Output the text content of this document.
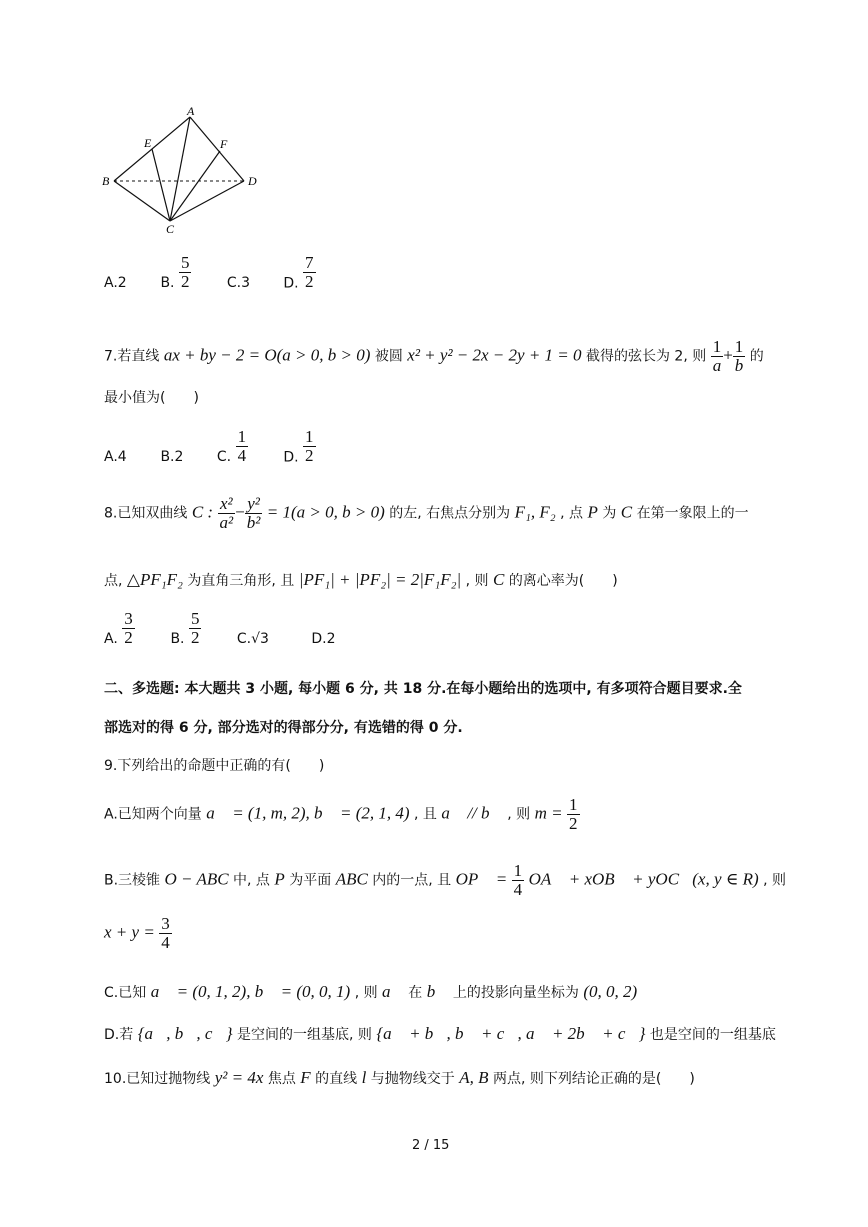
A
E	F
B	D
C
A.2 B. $\frac{5}{2}$	C.3 D. $\frac{7}{2}$
7.若直线 ax + by − 2 = O(a > 0, b > 0) 被圆 x² + y² − 2x − 2y + 1 = 0 截得的弦长为 2, 则 $\frac{1}{a} + \frac{1}{b}$ 的
最小值为(　　)
A.4 B.2 C. $\frac{1}{4}$	D. $\frac{1}{2}$
8.已知双曲线 C : $\frac{\text{x²}}{\text{a²}} - \frac{\text{y²}}{\text{b²}} = 1(a > 0$, b > 0) 的左, 右焦点分别为 F₁, F₂ , 点 P 为 C 在第一象限上的一
点, △PF₁F₂ 为直角三角形, 且 |PF₁| + |PF₂| = 2|F₁F₂| , 则 C 的离心率为(　　)
A. $\frac{3}{2}$	B. $\frac{5}{2}$	C.√3	D.2
二、多选题: 本大题共 3 小题, 每小题 6 分, 共 18 分.在每小题给出的选项中, 有多项符合题目要求.全
部选对的得 6 分, 部分选对的得部分分, 有选错的得 0 分.
9.下列给出的命题中正确的有(　　)
A.已知两个向量 a⃗ = (1, m, 2), b⃗ = (2, 1, 4) , 且 a⃗ // b⃗ , 则 $m = \frac{1}{2}$
B.三棱锥 O − ABC 中, 点 P 为平面 ABC 内的一点, 且 OP⃗ = $\frac{1}{4}$ OA⃗ + xOB⃗ + yOC⃗(x, y ∈ R) , 则
$x + y = \frac{3}{4}$
C.已知 a⃗ = (0, 1, 2), b⃗ = (0, 0, 1) , 则 a⃗ 在 b⃗ 上的投影向量坐标为 (0, 0, 2)
D.若 {a⃗, b⃗, c⃗} 是空间的一组基底, 则 {a⃗ + b⃗, b⃗ + c⃗, a⃗ + 2b⃗ + c⃗} 也是空间的一组基底
10.已知过抛物线 y² = 4x 焦点 F 的直线 l 与抛物线交于 A, B 两点, 则下列结论正确的是(　　)
2 / 15
